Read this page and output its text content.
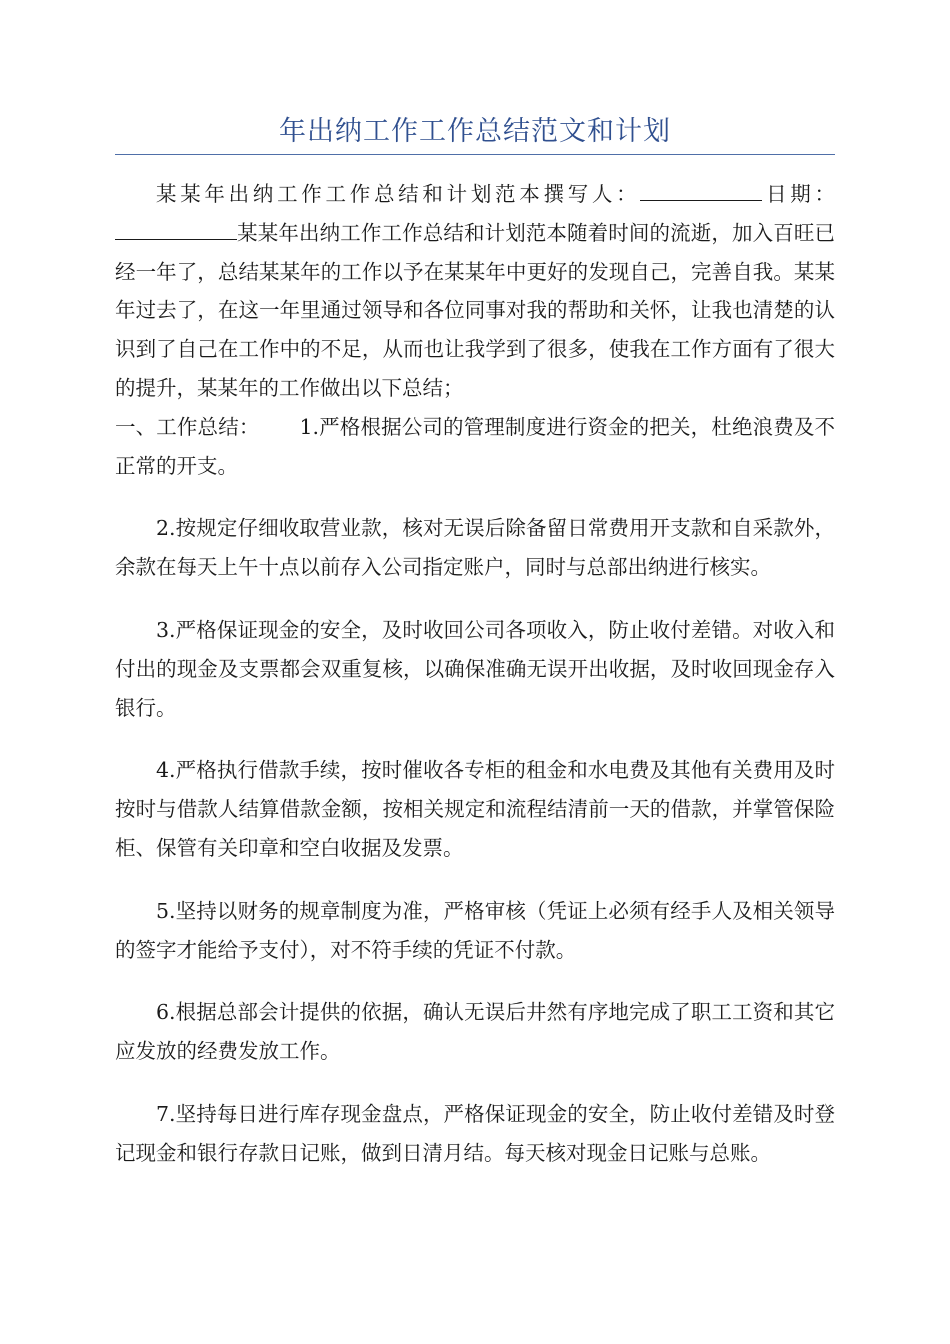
年出纳工作工作总结范文和计划

某某年出纳工作工作总结和计划范本撰写人：	日期：某某年出纳工作工作总结和计划范本随着时间的流逝，加入百旺已经一年了，总结某某年的工作以予在某某年中更好的发现自己，完善自我。某某年过去了，在这一年里通过领导和各位同事对我的帮助和关怀，让我也清楚的认识到了自己在工作中的不足，从而也让我学到了很多，使我在工作方面有了很大的提升，某某年的工作做出以下总结；

一、工作总结： 1.严格根据公司的管理制度进行资金的把关，杜绝浪费及不正常的开支。

2.按规定仔细收取营业款，核对无误后除备留日常费用开支款和自采款外，余款在每天上午十点以前存入公司指定账户，同时与总部出纳进行核实。

3.严格保证现金的安全，及时收回公司各项收入，防止收付差错。对收入和付出的现金及支票都会双重复核，以确保准确无误开出收据，及时收回现金存入银行。

4.严格执行借款手续，按时催收各专柜的租金和水电费及其他有关费用及时按时与借款人结算借款金额，按相关规定和流程结清前一天的借款，并掌管保险柜、保管有关印章和空白收据及发票。

5.坚持以财务的规章制度为准，严格审核（凭证上必须有经手人及相关领导的签字才能给予支付），对不符手续的凭证不付款。

6.根据总部会计提供的依据，确认无误后井然有序地完成了职工工资和其它应发放的经费发放工作。

7.坚持每日进行库存现金盘点，严格保证现金的安全，防止收付差错及时登记现金和银行存款日记账，做到日清月结。每天核对现金日记账与总账。
